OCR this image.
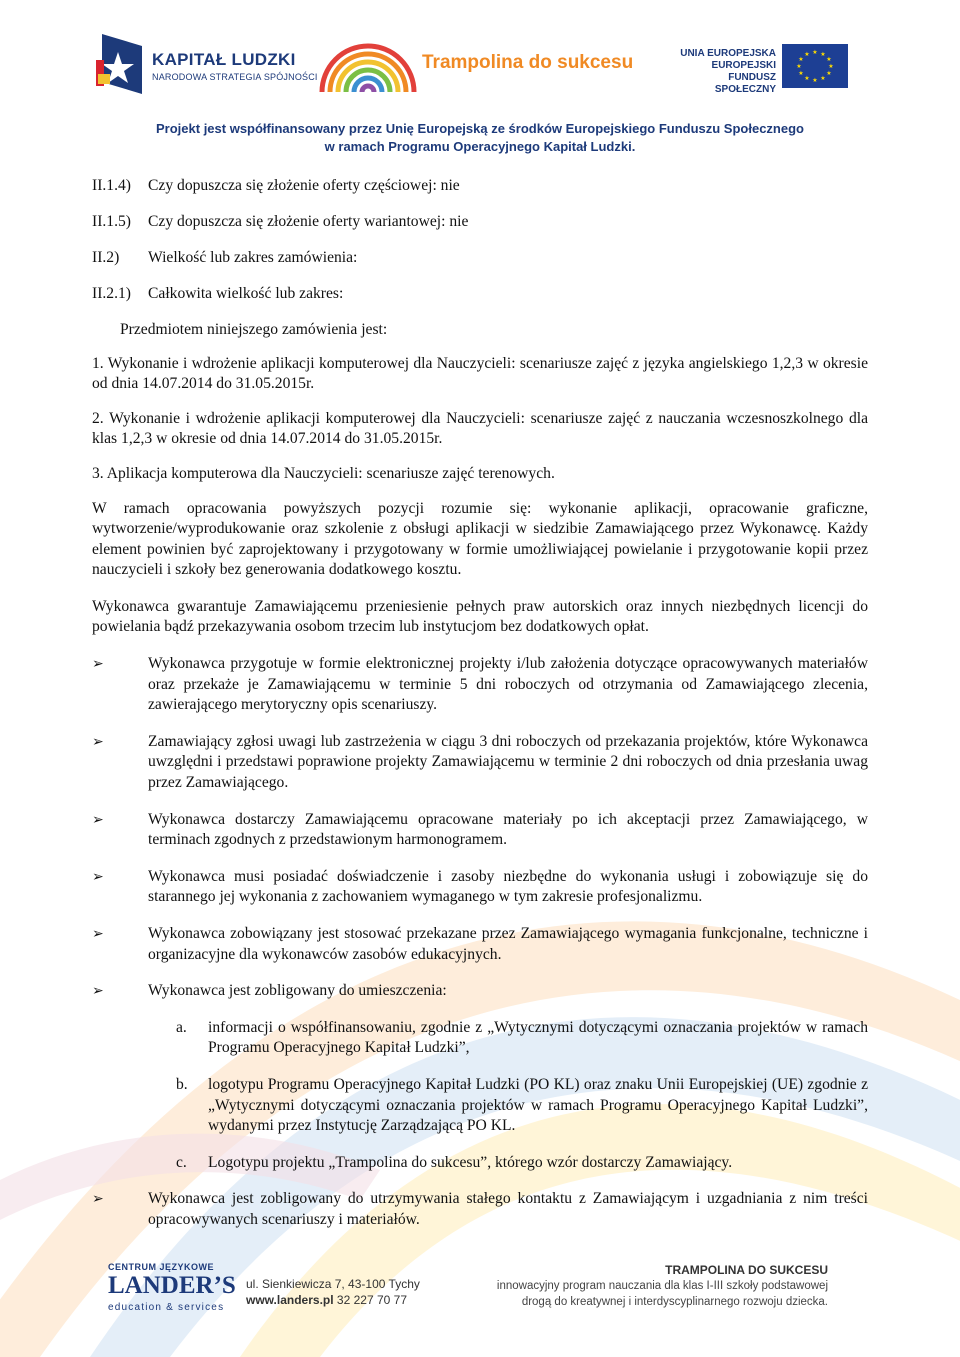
KAPITAŁ LUDZKI
NARODOWA STRATEGIA SPÓJNOŚCI
Trampolina do sukcesu	UNIA EUROPEJSKA
EUROPEJSKI
FUNDUSZ SPOŁECZNY
★ ★
★
★
★
★
★
★
★
★
★
★
Projekt jest współfinansowany przez Unię Europejską ze środków Europejskiego Funduszu Społecznego
w ramach Programu Operacyjnego Kapitał Ludzki.
II.1.4)	Czy dopuszcza się złożenie oferty częściowej: nie
II.1.5)	Czy dopuszcza się złożenie oferty wariantowej: nie
II.2)	Wielkość lub zakres zamówienia:
II.2.1)	Całkowita wielkość lub zakres:
Przedmiotem niniejszego zamówienia jest:
1. Wykonanie i wdrożenie aplikacji komputerowej dla Nauczycieli: scenariusze zajęć z języka angielskiego 1,2,3 w okresie od dnia 14.07.2014 do 31.05.2015r.
2. Wykonanie i wdrożenie aplikacji komputerowej dla Nauczycieli: scenariusze zajęć z nauczania wczesnoszkolnego dla klas 1,2,3 w okresie od dnia 14.07.2014 do 31.05.2015r.
3. Aplikacja komputerowa dla Nauczycieli: scenariusze zajęć terenowych.
W ramach opracowania powyższych pozycji rozumie się: wykonanie aplikacji, opracowanie graficzne, wytworzenie/wyprodukowanie oraz szkolenie z obsługi aplikacji w siedzibie Zamawiającego przez Wykonawcę. Każdy element powinien być zaprojektowany i przygotowany w formie umożliwiającej powielanie i przygotowanie kopii przez nauczycieli i szkoły bez generowania dodatkowego kosztu.
Wykonawca gwarantuje Zamawiającemu przeniesienie pełnych praw autorskich oraz innych niezbędnych licencji do powielania bądź przekazywania osobom trzecim lub instytucjom bez dodatkowych opłat.
➢	Wykonawca przygotuje w formie elektronicznej projekty i/lub założenia dotyczące opracowywanych materiałów oraz przekaże je Zamawiającemu w terminie 5 dni roboczych od otrzymania od Zamawiającego zlecenia, zawierającego merytoryczny opis scenariuszy.
➢	Zamawiający zgłosi uwagi lub zastrzeżenia w ciągu 3 dni roboczych od przekazania projektów, które Wykonawca uwzględni i przedstawi poprawione projekty Zamawiającemu w terminie 2 dni roboczych od dnia przesłania uwag przez Zamawiającego.
➢	Wykonawca dostarczy Zamawiającemu opracowane materiały po ich akceptacji przez Zamawiającego, w terminach zgodnych z przedstawionym harmonogramem.
➢	Wykonawca musi posiadać doświadczenie i zasoby niezbędne do wykonania usługi i zobowiązuje się do starannego jej wykonania z zachowaniem wymaganego w tym zakresie profesjonalizmu.
➢	Wykonawca zobowiązany jest stosować przekazane przez Zamawiającego wymagania funkcjonalne, techniczne i organizacyjne dla wykonawców zasobów edukacyjnych.
➢	Wykonawca jest zobligowany do umieszczenia:
a.	informacji o współfinansowaniu, zgodnie z „Wytycznymi dotyczącymi oznaczania projektów w ramach Programu Operacyjnego Kapitał Ludzki”,
b.	logotypu Programu Operacyjnego Kapitał Ludzki (PO KL) oraz znaku Unii Europejskiej (UE) zgodnie z „Wytycznymi dotyczącymi oznaczania projektów w ramach Programu Operacyjnego Kapitał Ludzki”, wydanymi przez Instytucję Zarządzającą PO KL.
c.	Logotypu projektu „Trampolina do sukcesu”, którego wzór dostarczy Zamawiający.
➢	Wykonawca jest zobligowany do utrzymywania stałego kontaktu z Zamawiającym i uzgadniania z nim treści opracowywanych scenariuszy i materiałów.
CENTRUM JĘZYKOWE
LANDER’S
education & services
ul. Sienkiewicza 7, 43-100 Tychy
www.landers.pl 32 227 70 77
TRAMPOLINA DO SUKCESU
innowacyjny program nauczania dla klas I-III szkoły podstawowej
drogą do kreatywnej i interdyscyplinarnego rozwoju dziecka.
